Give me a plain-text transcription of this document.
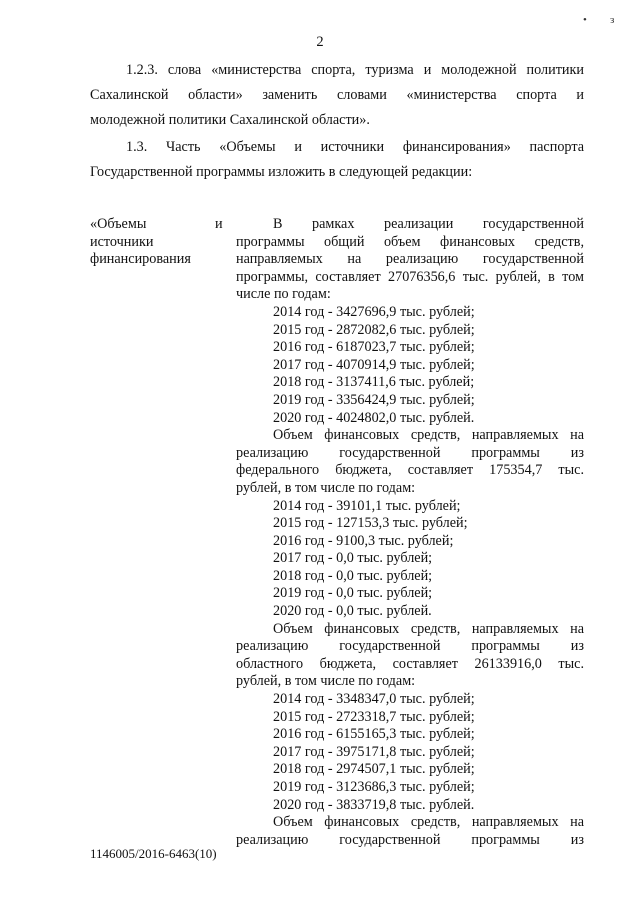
• з
2
1.2.3. слова «министерства спорта, туризма и молодежной политики
Сахалинской области» заменить словами «министерства спорта и
молодежной политики Сахалинской области».
1.3. Часть «Объемы и источники финансирования» паспорта
Государственной программы изложить в следующей редакции:
«Объемы
источники
финансирования
и	В рамках реализации государственной
программы общий объем финансовых средств,
направляемых на реализацию государственной
программы, составляет 27076356,6 тыс. рублей, в том
числе по годам:
2014 год - 3427696,9 тыс. рублей;
2015 год - 2872082,6 тыс. рублей;
2016 год - 6187023,7 тыс. рублей;
2017 год - 4070914,9 тыс. рублей;
2018 год - 3137411,6 тыс. рублей;
2019 год - 3356424,9 тыс. рублей;
2020 год - 4024802,0 тыс. рублей.
Объем финансовых средств, направляемых на
реализацию государственной программы из
федерального бюджета, составляет 175354,7 тыс.
рублей, в том числе по годам:
2014 год - 39101,1 тыс. рублей;
2015 год - 127153,3 тыс. рублей;
2016 год - 9100,3 тыс. рублей;
2017 год - 0,0 тыс. рублей;
2018 год - 0,0 тыс. рублей;
2019 год - 0,0 тыс. рублей;
2020 год - 0,0 тыс. рублей.
Объем финансовых средств, направляемых на
реализацию государственной программы из
областного бюджета, составляет 26133916,0 тыс.
рублей, в том числе по годам:
2014 год - 3348347,0 тыс. рублей;
2015 год - 2723318,7 тыс. рублей;
2016 год - 6155165,3 тыс. рублей;
2017 год - 3975171,8 тыс. рублей;
2018 год - 2974507,1 тыс. рублей;
2019 год - 3123686,3 тыс. рублей;
2020 год - 3833719,8 тыс. рублей.
Объем финансовых средств, направляемых на
реализацию государственной программы из
1146005/2016-6463(10)
